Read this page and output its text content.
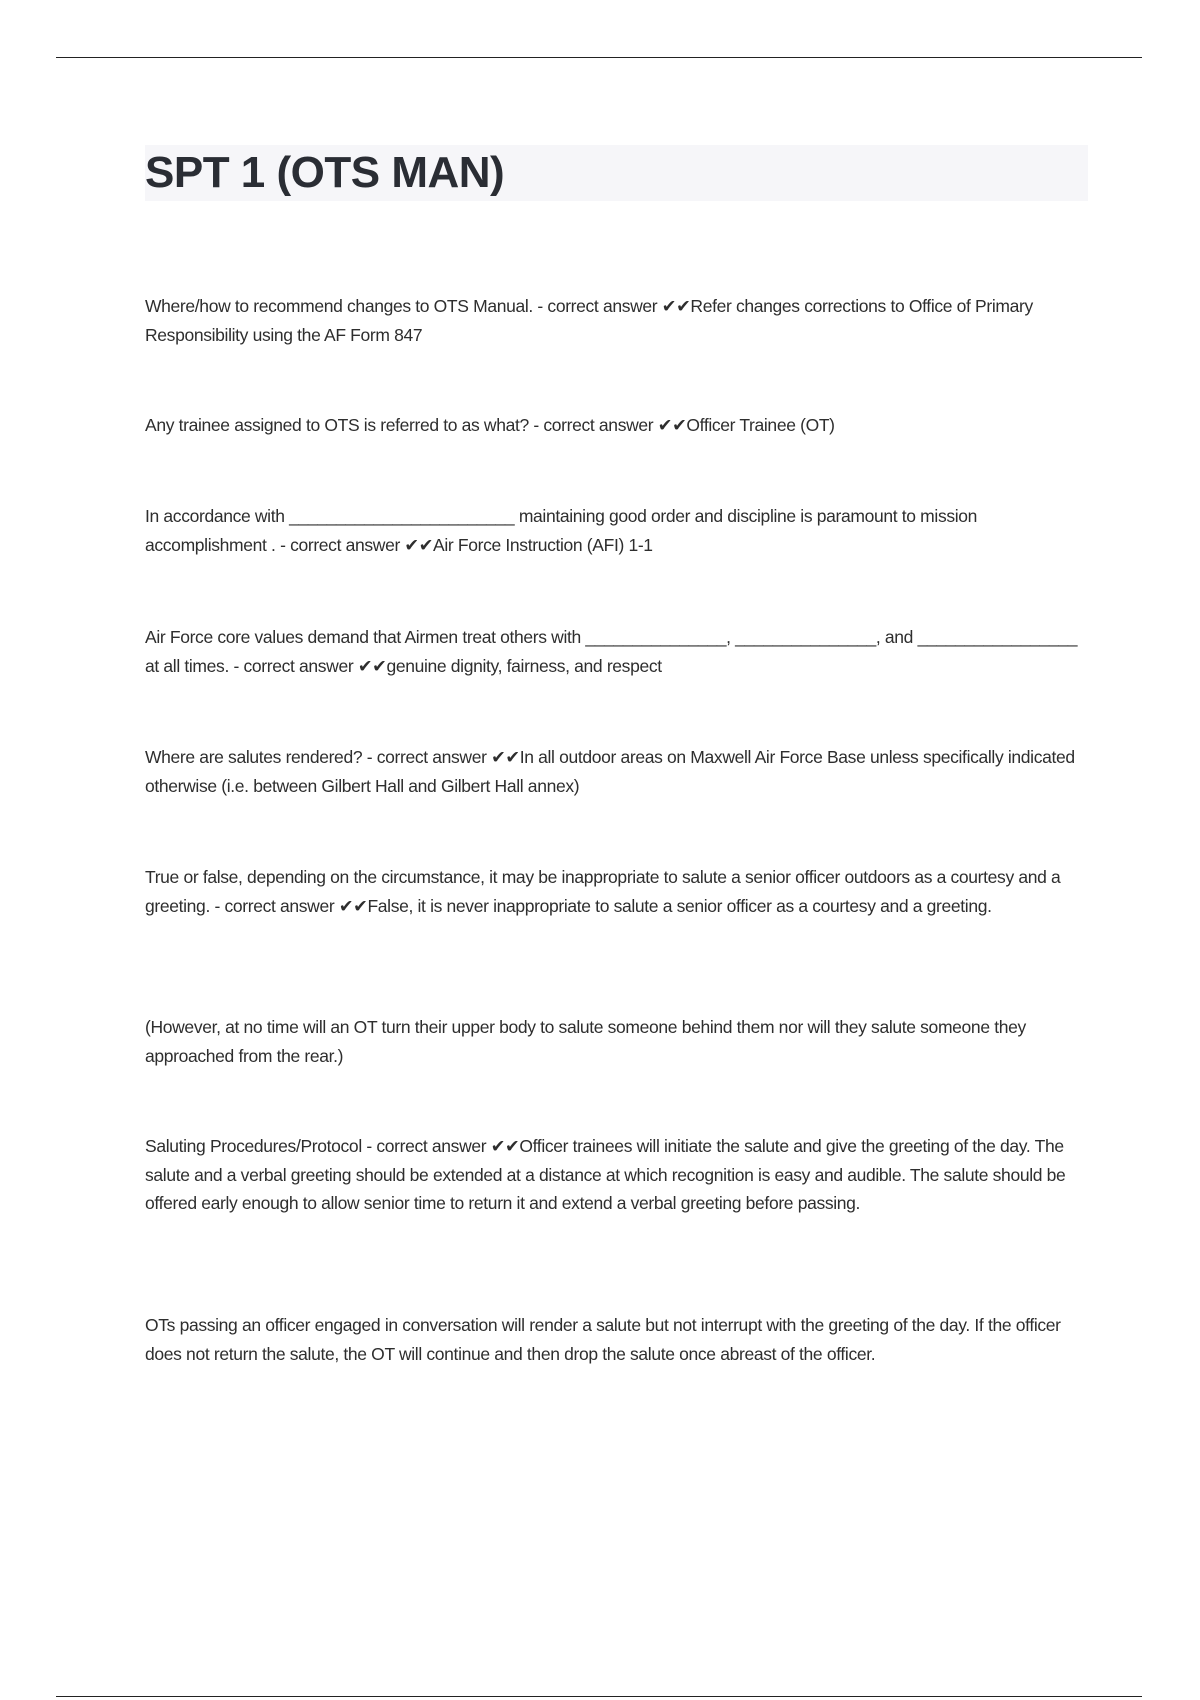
SPT 1 (OTS MAN)

Where/how to recommend changes to OTS Manual. - correct answer ✔✔Refer changes corrections to Office of Primary Responsibility using the AF Form 847

Any trainee assigned to OTS is referred to as what? - correct answer ✔✔Officer Trainee (OT)

In accordance with ________________________ maintaining good order and discipline is paramount to mission accomplishment . - correct answer ✔✔Air Force Instruction (AFI) 1-1

Air Force core values demand that Airmen treat others with _______________, _______________, and _________________ at all times. - correct answer ✔✔genuine dignity, fairness, and respect

Where are salutes rendered? - correct answer ✔✔In all outdoor areas on Maxwell Air Force Base unless specifically indicated otherwise (i.e. between Gilbert Hall and Gilbert Hall annex)

True or false, depending on the circumstance, it may be inappropriate to salute a senior officer outdoors as a courtesy and a greeting. - correct answer ✔✔False, it is never inappropriate to salute a senior officer as a courtesy and a greeting.

(However, at no time will an OT turn their upper body to salute someone behind them nor will they salute someone they approached from the rear.)

Saluting Procedures/Protocol - correct answer ✔✔Officer trainees will initiate the salute and give the greeting of the day. The salute and a verbal greeting should be extended at a distance at which recognition is easy and audible. The salute should be offered early enough to allow senior time to return it and extend a verbal greeting before passing.

OTs passing an officer engaged in conversation will render a salute but not interrupt with the greeting of the day. If the officer does not return the salute, the OT will continue and then drop the salute once abreast of the officer.
